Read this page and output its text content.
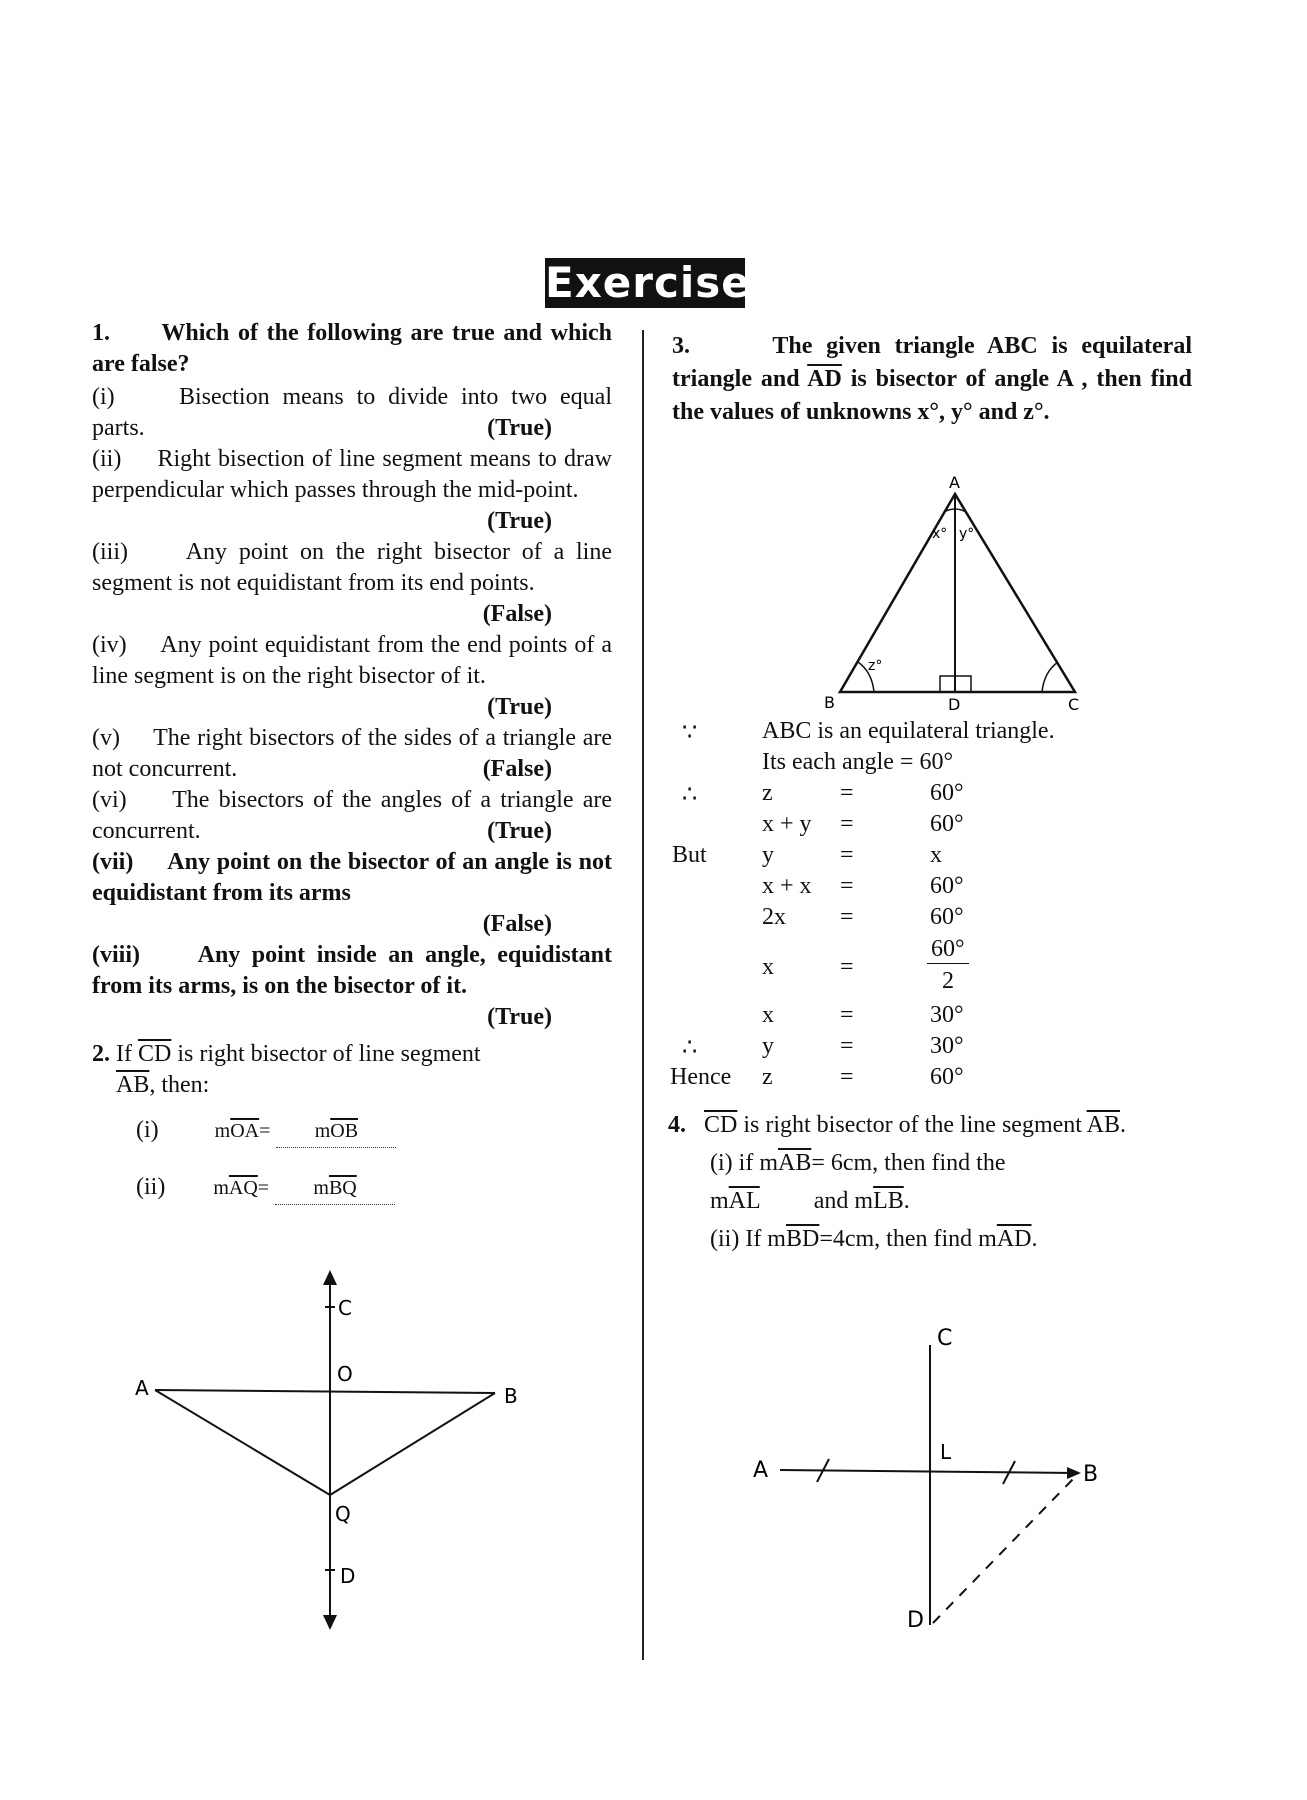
Exercise
1. Which of the following are true and which are false?
(i)	Bisection means to divide into two equal parts.	(True)
(ii) Right bisection of line segment means to draw perpendicular which passes through the mid-point.
(True)
(iii) Any point on the right bisector of a line segment is not equidistant from its end points.
(False)
(iv) Any point equidistant from the end points of a line segment is on the right bisector of it.
(True)
(v) The right bisectors of the sides of a triangle are not concurrent.	(False)
(vi) The bisectors of the angles of a triangle are concurrent.	(True)
(vii) Any point on the bisector of an angle is not equidistant from its arms
(False)
(viii) Any point inside an angle, equidistant from its arms, is on the bisector of it.
(True)
2. If $\overline{CD}$ is right bisector of line segment
$\overline{AB}$, then:
(i)	$m\overline{OA}= m\overline{OB}$
(ii) $m\overline{AQ}= m\overline{BQ}$
A	B
C
D
O
Q
3.	The given triangle ABC is equilateral triangle and $\overline{AD}$ is bisector of angle A , then find the values of unknowns x°, y° and z°.
A
B	D	C
x° y°
z°
∵	ABC is an equilateral triangle.
Its each angle = 60°
∴	z	=	60°
x + y =	60°
But y	=	x
x + x =	60°
2x =	60°
x	=
60°
2
x	=	30°
∴	y	=	30°
Hence z	=	60°
4. $\overline{CD}$ is right bisector of the line segment $\overline{AB}$.
(i) if $m\overline{AB}= 6cm$, then find the
$m\overline{AL}$ and $m\overline{LB}$.
(ii) If $m\overline{BD}=4cm$, then find $m\overline{AD}$.
A	B
C
D
L
